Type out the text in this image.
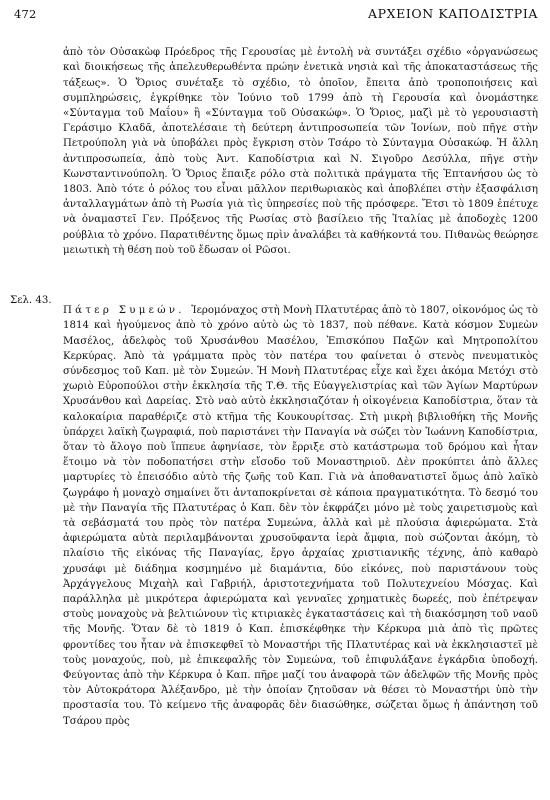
472	ΑΡΧΕΙΟΝ ΚΑΠΟΔΙΣΤΡΙΑ

ἀπὸ τὸν Οὐσακὼφ Πρόεδρος τῆς Γερουσίας μὲ ἐντολὴ νὰ συντάξει σχέδιο «ὀργανώσεως καὶ διοικήσεως τῆς ἀπελευθερωθέντα πρώην ἐνετικὰ νησιὰ καὶ τῆς ἀποκαταστάσεως τῆς τάξεως». Ὁ Ὄριος συνέταξε τὸ σχέδιο, τὸ ὁποῖον, ἔπειτα ἀπὸ τροποποιήσεις καὶ συμπληρώσεις, ἐγκρίθηκε τὸν Ἰούνιο τοῦ 1799 ἀπὸ τὴ Γερουσία καὶ ὀνομάστηκε «Σύνταγμα τοῦ Μαΐου» ἢ «Σύνταγμα τοῦ Οὐσακώφ». Ὁ Ὄριος, μαζὶ μὲ τὸ γερουσιαστὴ Γεράσιμο Κλαδᾶ, ἀποτελέσαιε τὴ δεύτερη ἀντιπροσωπεία τῶν Ἰονίων, ποὺ πῆγε στὴν Πετρούπολη γιὰ νὰ ὑποβάλει πρὸς ἔγκριση στὸν Τσάρο τὸ Σύνταγμα Οὐσακώφ. Ἡ ἄλλη ἀντιπροσωπεία, ἀπὸ τοὺς Ἀντ. Καποδίστρια καὶ Ν. Σιγοῦρο Δεσύλλα, πῆγε στὴν Κωνσταντινούπολη. Ὁ Ὄριος ἔπαιξε ρόλο στὰ πολιτικὰ πράγματα τῆς Ἑπτανήσου ὡς τὸ 1803. Ἀπὸ τότε ὁ ρόλος του εἶναι μᾶλλον περιθωριακὸς καὶ ἀποβλέπει στὴν ἐξασφάλιση ἀνταλλαγμάτων ἀπὸ τὴ Ρωσία γιὰ τὶς ὑπηρεσίες ποὺ τῆς πρόσφερε. Ἔτσι τὸ 1809 ἐπέτυχε νὰ ὀναμαστεῖ Γεν. Πρόξενος τῆς Ρωσίας στὸ βασίλειο τῆς Ἰταλίας μὲ ἀποδοχὲς 1200 ρούβλια τὸ χρόνο. Παρατιθέντης ὅμως πρὶν ἀναλάβει τὰ καθήκοντά του. Πιθανὼς θεώρησε μειωτικὴ τὴ θέση ποὺ τοῦ ἔδωσαν οἱ Ρῶσοι.

Σελ. 43.

Πάτερ Συμεών. Ἱερομόναχος στὴ Μονὴ Πλατυτέρας ἀπὸ τὸ 1807, οἰκονόμος ὡς τὸ 1814 καὶ ἡγούμενος ἀπὸ τὸ χρόνο αὐτὸ ὡς τὸ 1837, ποὺ πέθανε. Κατὰ κόσμον Συμεὼν Μασέλος, ἀδελφὸς τοῦ Χρυσάνθου Μασέλου, Ἐπισκόπου Παξῶν καὶ Μητροπολίτου Κερκύρας. Ἀπὸ τὰ γράμματα πρὸς τὸν πατέρα του φαίνεται ὁ στενὸς πνευματικὸς σύνδεσμος τοῦ Καπ. μὲ τὸν Συμεών. Ἡ Μονὴ Πλατυτέρας εἶχε καὶ ἔχει ἀκόμα Μετόχι στὸ χωριὸ Εὐροπούλοι στὴν ἐκκλησία τῆς Τ.Θ. τῆς Εὐαγγελιστρίας καὶ τῶν Ἁγίων Μαρτύρων Χρυσάνθου καὶ Δαρείας. Στὸ ναὸ αὐτὸ ἐκκλησιαζόταν ἡ οἰκογένεια Καποδίστρια, ὅταν τὰ καλοκαίρια παραθέριζε στὸ κτῆμα τῆς Κουκουρίτσας. Στὴ μικρὴ βιβλιοθήκη τῆς Μονῆς ὑπάρχει λαϊκὴ ζωγραφιά, ποὺ παριστάνει τὴν Παναγία νὰ σώζει τὸν Ἰωάννη Καποδίστρια, ὅταν τὸ ἄλογο ποὺ ἵππευε ἀφηνίασε, τὸν ἔρριξε στὸ κατάστρωμα τοῦ δρόμου καὶ ἦταν ἕτοιμο νὰ τὸν ποδοπατήσει στὴν εἴσοδο τοῦ Μοναστηριοῦ. Δὲν προκύπτει ἀπὸ ἄλλες μαρτυρίες τὸ ἐπεισόδιο αὐτὸ τῆς ζωῆς τοῦ Καπ. Γιὰ νὰ ἀποθανατιστεῖ ὅμως ἀπὸ λαϊκὸ ζωγράφο ἡ μοναχὸ σημαίνει ὅτι ἀνταποκρίνεται σὲ κάποια πραγματικότητα. Τὸ δεσμό του μὲ τὴν Παναγία τῆς Πλατυτέρας ὁ Καπ. δὲν τὸν ἐκφράζει μόνο μὲ τοὺς χαιρετισμοὺς καὶ τὰ σεβάσματά του πρὸς τὸν πατέρα Συμεώνα, ἀλλὰ καὶ μὲ πλούσια ἀφιερώματα. Στὰ ἀφιερώματα αὐτὰ περιλαμβάνονται χρυσοϋφαντα ἱερὰ ἄμφια, ποὺ σώζονται ἀκόμη, τὸ πλαίσιο τῆς εἰκόνας τῆς Παναγίας, ἔργο ἀρχαίας χριστιανικῆς τέχνης, ἀπὸ καθαρὸ χρυσάφι μὲ διάδημα κοσμημένο μὲ διαμάντια, δύο εἰκόνες, ποὺ παριστάνουν τοὺς Ἀρχάγγελους Μιχαὴλ καὶ Γαβριήλ, ἀριστοτεχνήματα τοῦ Πολυτεχνείου Μόσχας. Καὶ παράλληλα μὲ μικρότερα ἀφιερώματα καὶ γενναῖες χρηματικὲς δωρεές, ποὺ ἐπέτρεψαν στοὺς μοναχοὺς νὰ βελτιώνουν τὶς κτιριακὲς ἐγκαταστάσεις καὶ τὴ διακόσμηση τοῦ ναοῦ τῆς Μονῆς. Ὅταν δὲ τὸ 1819 ὁ Καπ. ἐπισκέφθηκε τὴν Κέρκυρα μιὰ ἀπὸ τὶς πρῶτες φροντίδες του ἦταν νὰ ἐπισκεφθεῖ τὸ Μοναστήρι τῆς Πλατυτέρας καὶ νὰ ἐκκλησιαστεῖ μὲ τοὺς μοναχούς, ποὺ, μὲ ἐπικεφαλῆς τὸν Συμεώνα, τοῦ ἐπιφυλάξανε ἐγκάρδια ὑποδοχή. Φεύγοντας ἀπὸ τὴν Κέρκυρα ὁ Καπ. πῆρε μαζί του ἀναφορὰ τῶν ἀδελφῶν τῆς Μονῆς πρὸς τὸν Αὐτοκράτορα Ἀλέξανδρο, μὲ τὴν ὁποίαν ζητοῦσαν νὰ θέσει τὸ Μοναστήρι ὑπὸ τὴν προστασία του. Τὸ κείμενο τῆς ἀναφορᾶς δὲν διασώθηκε, σώζεται ὅμως ἡ ἀπάντηση τοῦ Τσάρου πρὸς
